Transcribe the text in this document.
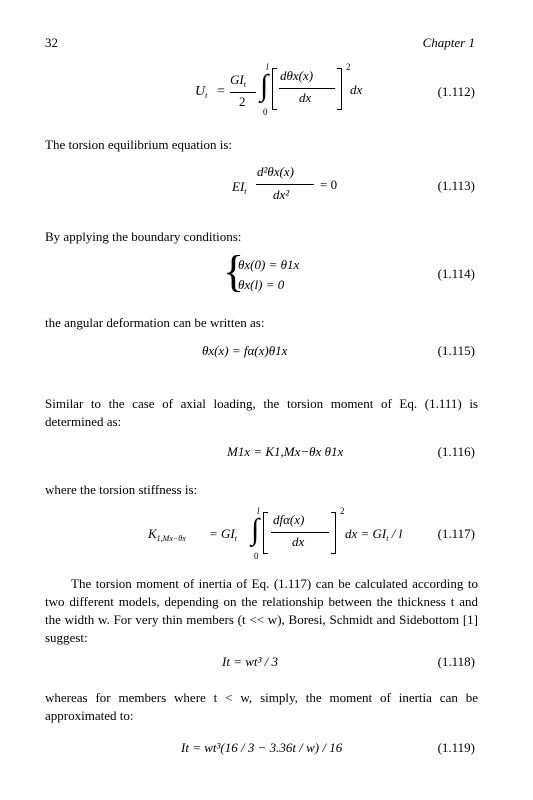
32	Chapter 1
$U_t$ =
$GI_t$
2
l
∫
0
dθx(x)
dx
2
dx	(1.112)
The torsion equilibrium equation is:
$EI_t$
d²θx(x)
dx²
= 0	(1.113)
By applying the boundary conditions:
{
θx(0) = θ1x
θx(l) = 0
(1.114)
the angular deformation can be written as:
θx(x) = fα(x)θ1x	(1.115)
Similar to the case of axial loading, the torsion moment of Eq. (1.111) is determined as:
M1x = K1,Mx−θx θ1x	(1.116)
where the torsion stiffness is:
$K_{1,Mx-\theta x} = GI_t$
l
∫
0
dfα(x)
dx
2
dx = $GI_t$ / l	(1.117)
The torsion moment of inertia of Eq. (1.117) can be calculated according to two different models, depending on the relationship between the thickness t and the width w. For very thin members (t << w), Boresi, Schmidt and Sidebottom [1] suggest:
It = wt³ / 3	(1.118)
whereas for members where t < w, simply, the moment of inertia can be approximated to:
It = wt³(16 / 3 − 3.36t / w) / 16	(1.119)
